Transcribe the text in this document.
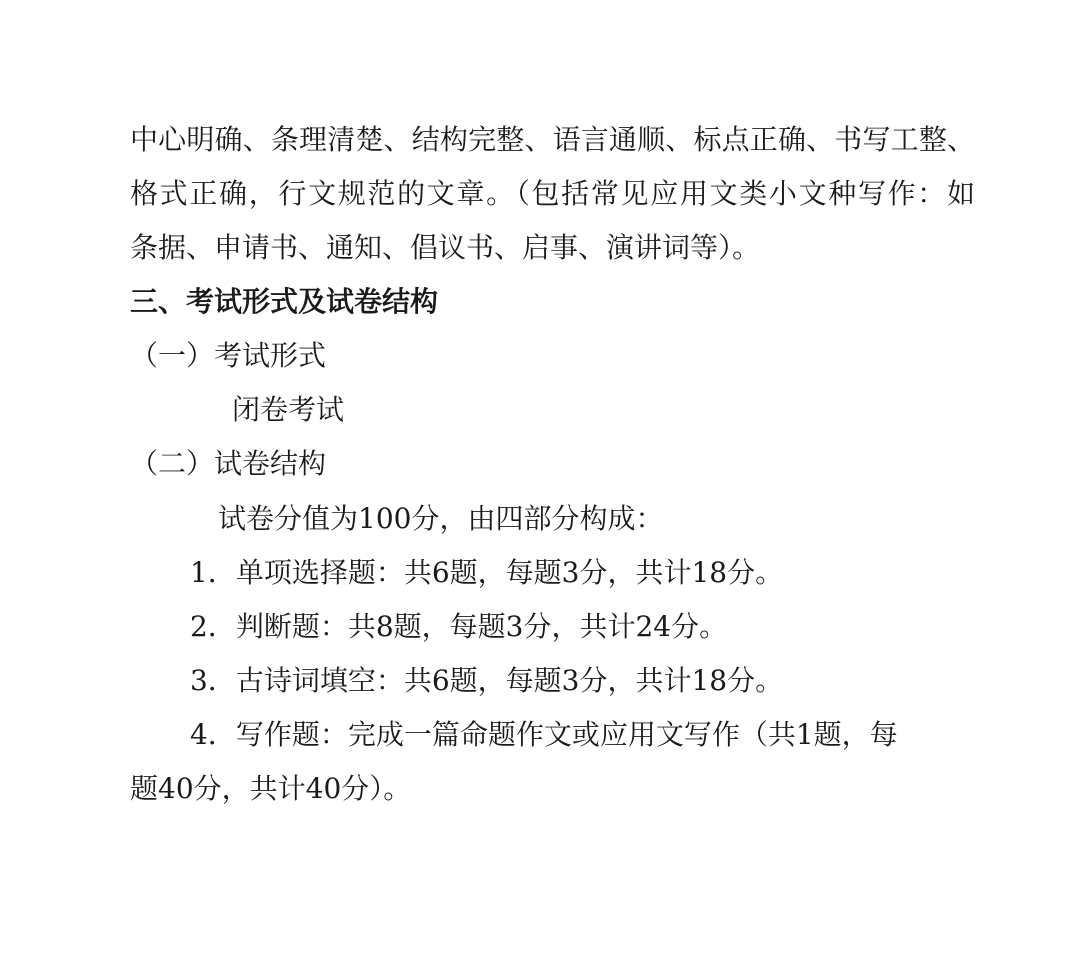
中心明确、条理清楚、结构完整、语言通顺、标点正确、书写工整、
格式正确，行文规范的文章。（包括常见应用文类小文种写作：如
条据、申请书、通知、倡议书、启事、演讲词等）。
三、考试形式及试卷结构
（一）考试形式
闭卷考试
（二）试卷结构
试卷分值为100分，由四部分构成：
1．单项选择题：共6题，每题3分，共计18分。
2．判断题：共8题，每题3分，共计24分。
3．古诗词填空：共6题，每题3分，共计18分。
4．写作题：完成一篇命题作文或应用文写作（共1题，每
题40分，共计40分）。
